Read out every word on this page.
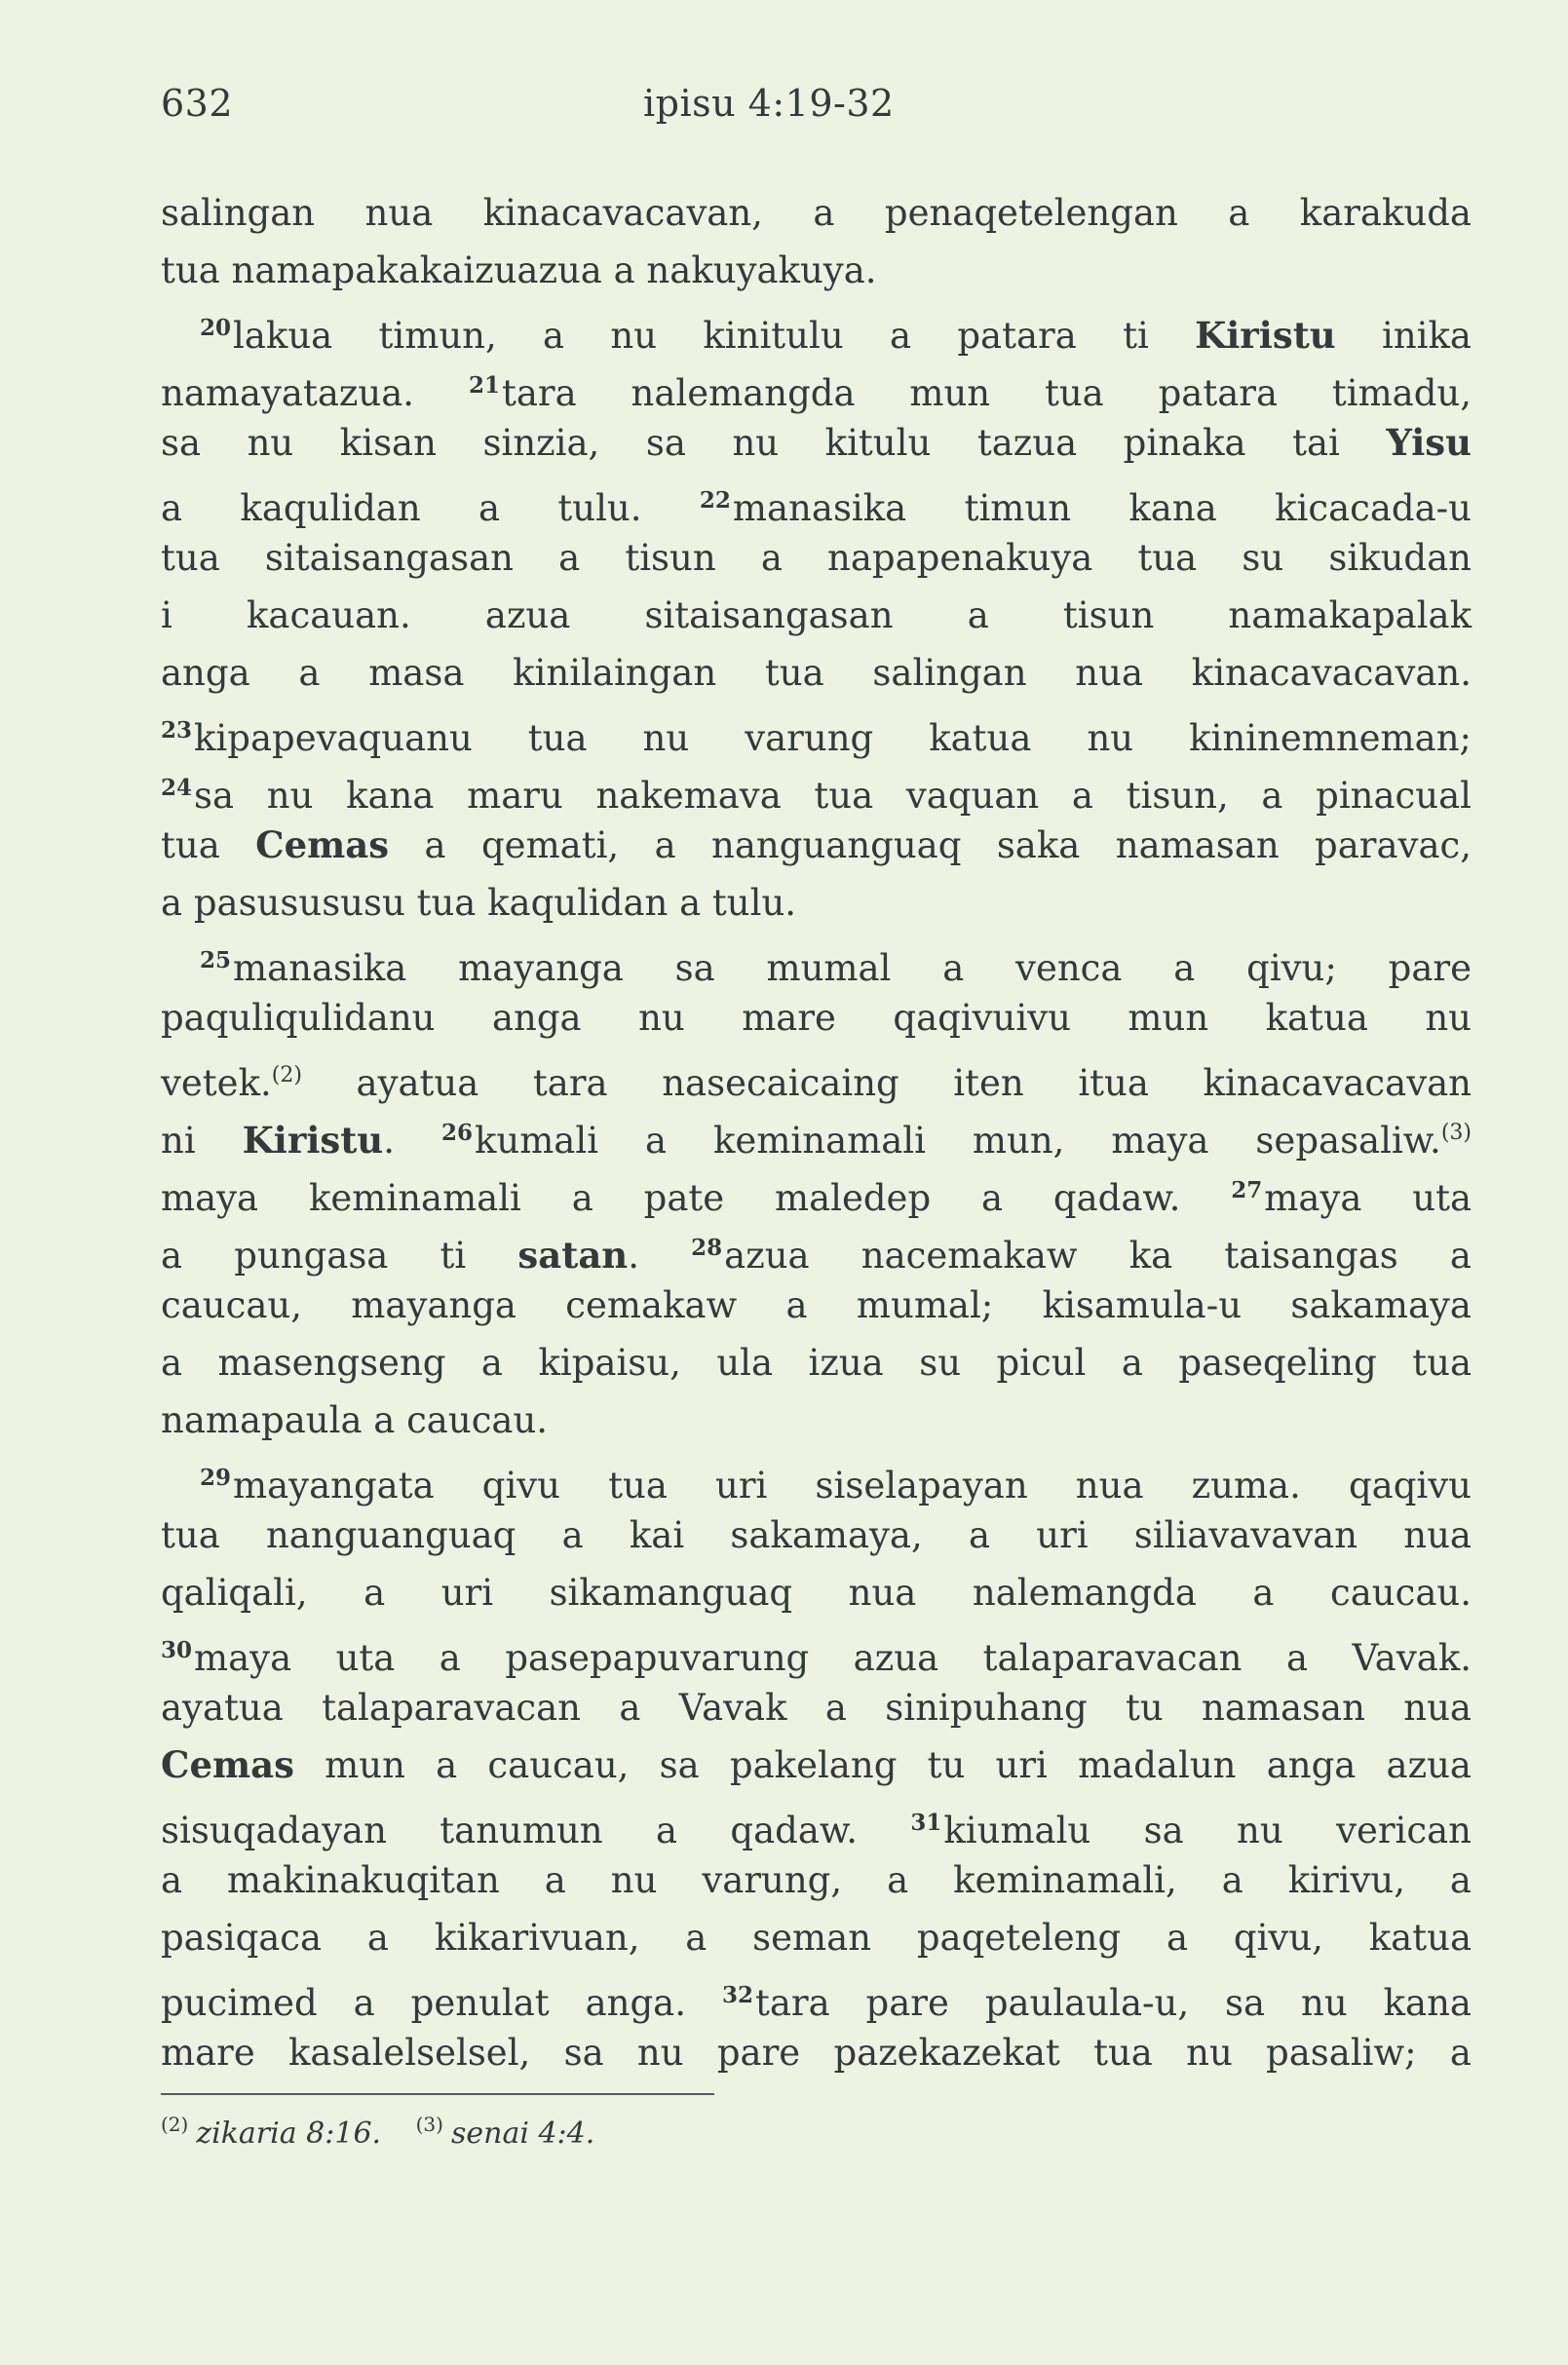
632	ipisu 4:19-32
salingan nua kinacavacavan, a penaqetelengan a karakuda
tua namapakakaizuazua a nakuyakuya.
$^{20}$lakua timun, a nu kinitulu a patara ti Kiristu inika
namayatazua. $^{21}$tara nalemangda mun tua patara timadu,
sa nu kisan sinzia, sa nu kitulu tazua pinaka tai Yisu
a kaqulidan a tulu. $^{22}$manasika timun kana kicacada-u
tua sitaisangasan a tisun a napapenakuya tua su sikudan
i kacauan. azua sitaisangasan a tisun namakapalak
anga a masa kinilaingan tua salingan nua kinacavacavan.
$^{23}$kipapevaquanu tua nu varung katua nu kininemneman;
$^{24}$sa nu kana maru nakemava tua vaquan a tisun, a pinacual
tua Cemas a qemati, a nanguanguaq saka namasan paravac,
a pasusususu tua kaqulidan a tulu.
$^{25}$manasika mayanga sa mumal a venca a qivu; pare
paquliqulidanu anga nu mare qaqivuivu mun katua nu
vetek.$^{(2)}$ ayatua tara nasecaicaing iten itua kinacavacavan
ni Kiristu. $^{26}$kumali a keminamali mun, maya sepasaliw.$^{(3)}$
maya keminamali a pate maledep a qadaw. $^{27}$maya uta
a pungasa ti satan. $^{28}$azua nacemakaw ka taisangas a
caucau, mayanga cemakaw a mumal; kisamula-u sakamaya
a masengseng a kipaisu, ula izua su picul a paseqeling tua
namapaula a caucau.
$^{29}$mayangata qivu tua uri siselapayan nua zuma. qaqivu
tua nanguanguaq a kai sakamaya, a uri siliavavavan nua
qaliqali, a uri sikamanguaq nua nalemangda a caucau.
$^{30}$maya uta a pasepapuvarung azua talaparavacan a Vavak.
ayatua talaparavacan a Vavak a sinipuhang tu namasan nua
Cemas mun a caucau, sa pakelang tu uri madalun anga azua
sisuqadayan tanumun a qadaw. $^{31}$kiumalu sa nu verican
a makinakuqitan a nu varung, a keminamali, a kirivu, a
pasiqaca a kikarivuan, a seman paqeteleng a qivu, katua
pucimed a penulat anga. $^{32}$tara pare paulaula-u, sa nu kana
mare kasalelselsel, sa nu pare pazekazekat tua nu pasaliw; a
$^{(2)}$ zikaria 8:16. $^{(3)}$ senai 4:4.
